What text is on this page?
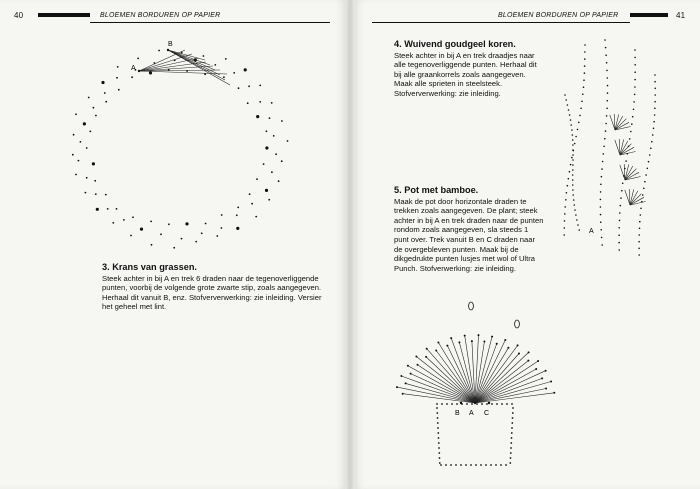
40	BLOEMEN BORDUREN OP PAPIER
A
B
3. Krans van grassen.

Steek achter in bij A en trek 6 draden naar de tegenoverliggende punten, voorbij de volgende grote zwarte stip, zoals aangegeven. Herhaal dit vanuit B, enz. Stofververwerking: zie inleiding. Versier het geheel met lint.

BLOEMEN BORDUREN OP PAPIER	41
4. Wuivend goudgeel koren.

Steek achter in bij A en trek draadjes naar alle tegenoverliggende punten. Herhaal dit bij alle graankorrels zoals aangegeven. Maak alle sprieten in steelsteek. Stofververwerking: zie inleiding.

5. Pot met bamboe.

Maak de pot door horizontale draden te trekken zoals aangegeven. De plant; steek achter in bij A en trek draden naar de punten rondom zoals aangegeven, sla steeds 1 punt over. Trek vanuit B en C draden naar de overgebleven punten. Maak bij de dikgedrukte punten lusjes met wol of Ultra Punch. Stofverwerking: zie inleiding.

A
B A C
